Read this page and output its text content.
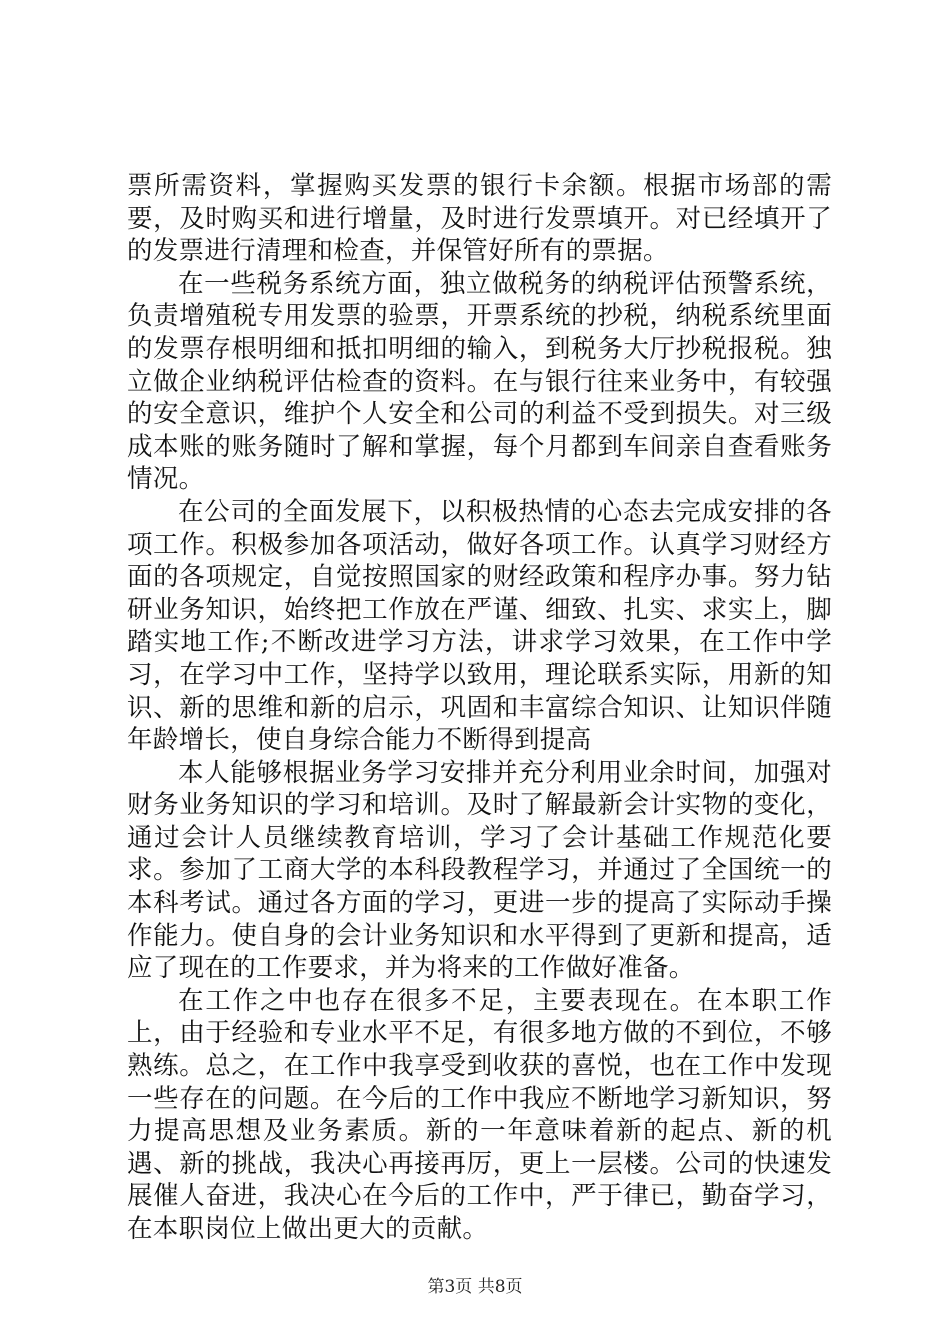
票所需资料，掌握购买发票的银行卡余额。根据市场部的需要，及时购买和进行增量，及时进行发票填开。对已经填开了的发票进行清理和检查，并保管好所有的票据。

在一些税务系统方面，独立做税务的纳税评估预警系统，负责增殖税专用发票的验票，开票系统的抄税，纳税系统里面的发票存根明细和抵扣明细的输入，到税务大厅抄税报税。独立做企业纳税评估检查的资料。在与银行往来业务中，有较强的安全意识，维护个人安全和公司的利益不受到损失。对三级成本账的账务随时了解和掌握，每个月都到车间亲自查看账务情况。

在公司的全面发展下，以积极热情的心态去完成安排的各项工作。积极参加各项活动，做好各项工作。认真学习财经方面的各项规定，自觉按照国家的财经政策和程序办事。努力钻研业务知识，始终把工作放在严谨、细致、扎实、求实上，脚踏实地工作;不断改进学习方法，讲求学习效果，在工作中学习，在学习中工作，坚持学以致用，理论联系实际，用新的知识、新的思维和新的启示，巩固和丰富综合知识、让知识伴随年龄增长，使自身综合能力不断得到提高

本人能够根据业务学习安排并充分利用业余时间，加强对财务业务知识的学习和培训。及时了解最新会计实物的变化，通过会计人员继续教育培训，学习了会计基础工作规范化要求。参加了工商大学的本科段教程学习，并通过了全国统一的本科考试。通过各方面的学习，更进一步的提高了实际动手操作能力。使自身的会计业务知识和水平得到了更新和提高，适应了现在的工作要求，并为将来的工作做好准备。

在工作之中也存在很多不足，主要表现在。在本职工作上，由于经验和专业水平不足，有很多地方做的不到位，不够熟练。总之，在工作中我享受到收获的喜悦，也在工作中发现一些存在的问题。在今后的工作中我应不断地学习新知识，努力提高思想及业务素质。新的一年意味着新的起点、新的机遇、新的挑战，我决心再接再厉，更上一层楼。公司的快速发展催人奋进，我决心在今后的工作中，严于律已，勤奋学习，在本职岗位上做出更大的贡献。

第3页 共8页
